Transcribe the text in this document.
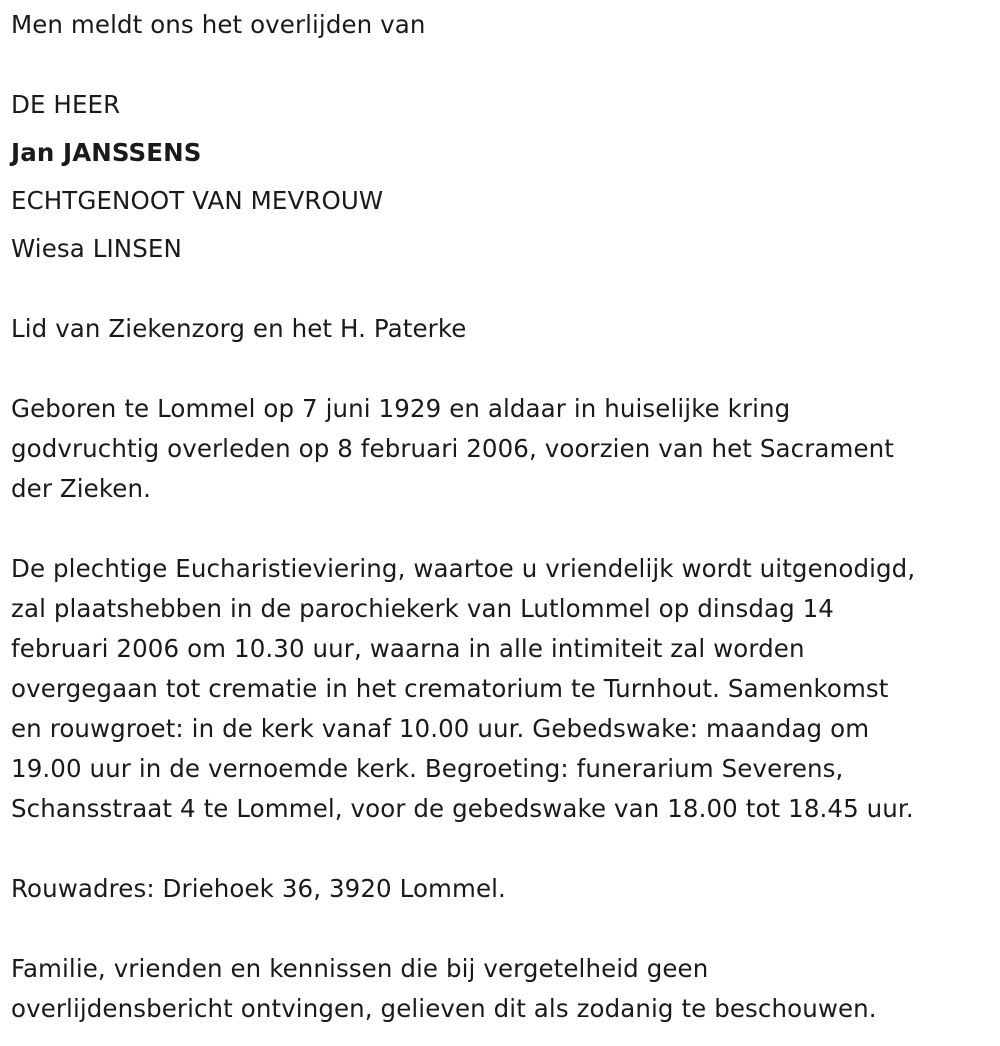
Men meldt ons het overlijden van
DE HEER
Jan JANSSENS
ECHTGENOOT VAN MEVROUW
Wiesa LINSEN
Lid van Ziekenzorg en het H. Paterke
Geboren te Lommel op 7 juni 1929 en aldaar in huiselijke kring
godvruchtig overleden op 8 februari 2006, voorzien van het Sacrament
der Zieken.
De plechtige Eucharistieviering, waartoe u vriendelijk wordt uitgenodigd,
zal plaatshebben in de parochiekerk van Lutlommel op dinsdag 14
februari 2006 om 10.30 uur, waarna in alle intimiteit zal worden
overgegaan tot crematie in het crematorium te Turnhout. Samenkomst
en rouwgroet: in de kerk vanaf 10.00 uur. Gebedswake: maandag om
19.00 uur in de vernoemde kerk. Begroeting: funerarium Severens,
Schansstraat 4 te Lommel, voor de gebedswake van 18.00 tot 18.45 uur.
Rouwadres: Driehoek 36, 3920 Lommel.
Familie, vrienden en kennissen die bij vergetelheid geen
overlijdensbericht ontvingen, gelieven dit als zodanig te beschouwen.
